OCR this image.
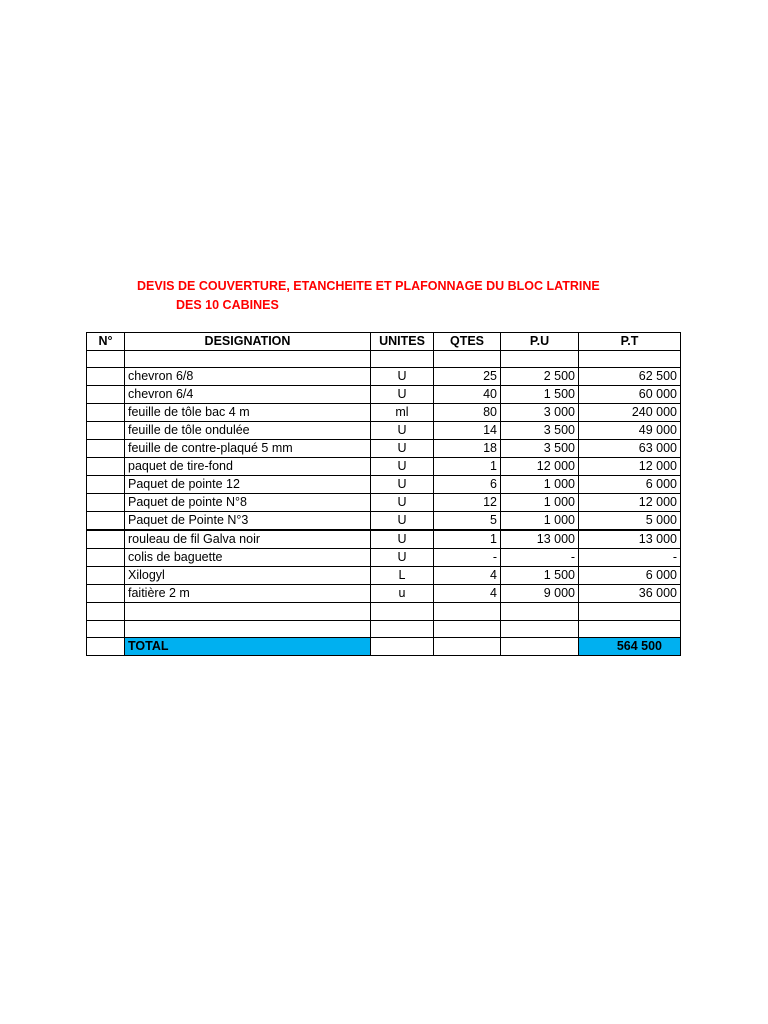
DEVIS DE COUVERTURE, ETANCHEITE ET PLAFONNAGE DU BLOC LATRINE
DES 10 CABINES
N°	DESIGNATION	UNITES	QTES	P.U	P.T

	chevron 6/8	U	25	2 500	62 500
	chevron 6/4	U	40	1 500	60 000
	feuille de tôle bac 4 m	ml	80	3 000	240 000
	feuille de tôle ondulée	U	14	3 500	49 000
	feuille de contre-plaqué 5 mm	U	18	3 500	63 000
	paquet de tire-fond	U	1	12 000	12 000
	Paquet de pointe 12	U	6	1 000	6 000
	Paquet de pointe N°8	U	12	1 000	12 000
	Paquet de Pointe N°3	U	5	1 000	5 000
	rouleau de fil Galva noir	U	1	13 000	13 000
	colis de baguette	U	-	-	-
	Xilogyl	L	4	1 500	6 000
	faitière 2 m	u	4	9 000	36 000

	TOTAL				564 500
